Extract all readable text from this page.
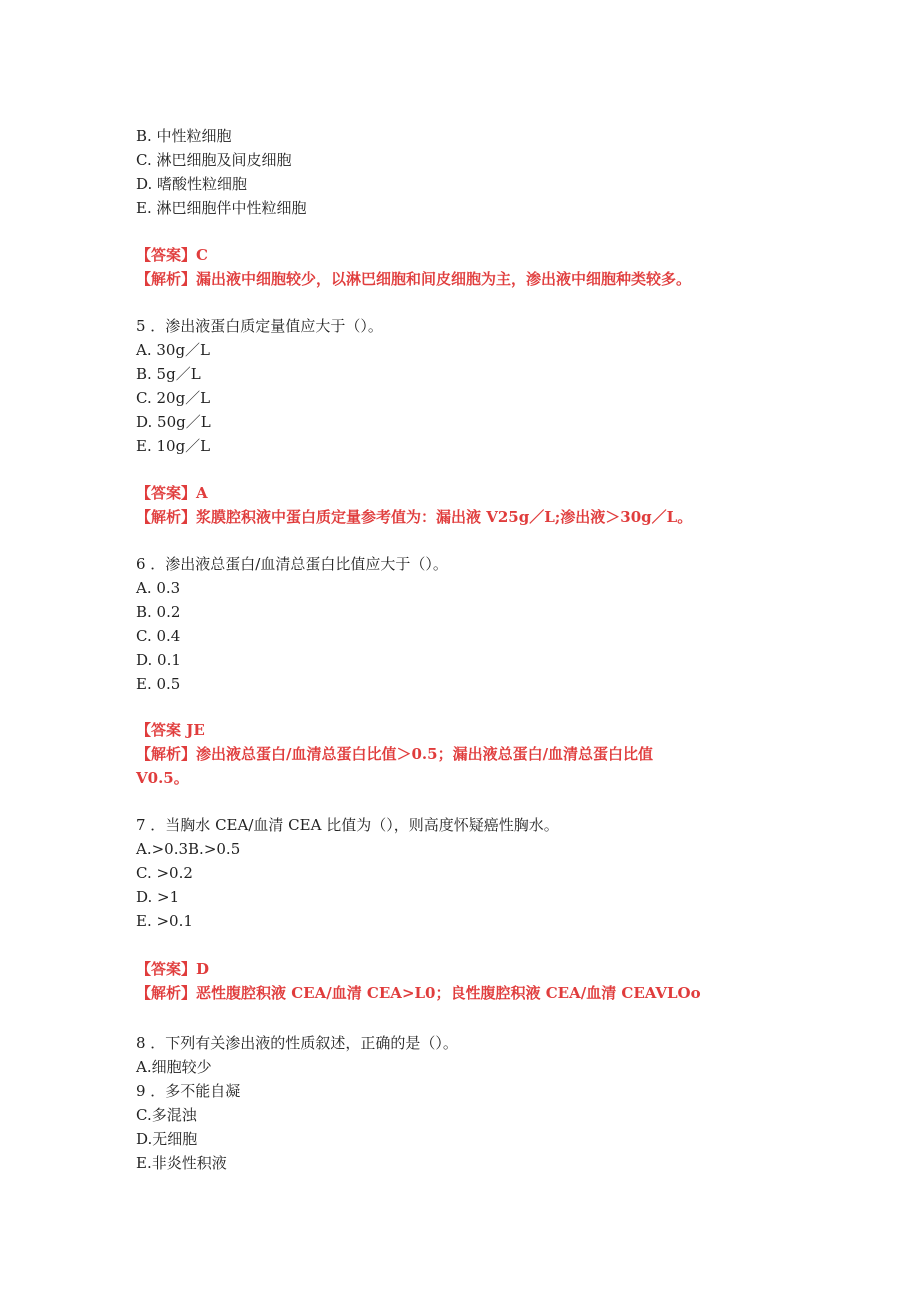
B. 中性粒细胞

C. 淋巴细胞及间皮细胞

D. 嗜酸性粒细胞

E. 淋巴细胞伴中性粒细胞

【答案】C

【解析】漏出液中细胞较少，以淋巴细胞和间皮细胞为主，渗出液中细胞种类较多。

5 ．渗出液蛋白质定量值应大于（）。

A. 30g／L

B. 5g／L

C. 20g／L

D. 50g／L

E. 10g／L

【答案】A

【解析】浆膜腔积液中蛋白质定量参考值为：漏出液 V25g／L;渗出液＞30g／L。

6 ．渗出液总蛋白/血清总蛋白比值应大于（）。

A. 0.3

B. 0.2

C. 0.4

D. 0.1

E. 0.5

【答案 JE

【解析】渗出液总蛋白/血清总蛋白比值＞0.5；漏出液总蛋白/血清总蛋白比值

V0.5。

7 ．当胸水 CEA/血清 CEA 比值为（），则高度怀疑癌性胸水。

A.>0.3B.>0.5

C. >0.2

D. >1

E. >0.1

【答案】D

【解析】恶性腹腔积液 CEA/血清 CEA>L0；良性腹腔积液 CEA/血清 CEAVLOo

8 ．下列有关渗出液的性质叙述，正确的是（）。

A.细胞较少

9 ．多不能自凝

C.多混浊

D.无细胞

E.非炎性积液
